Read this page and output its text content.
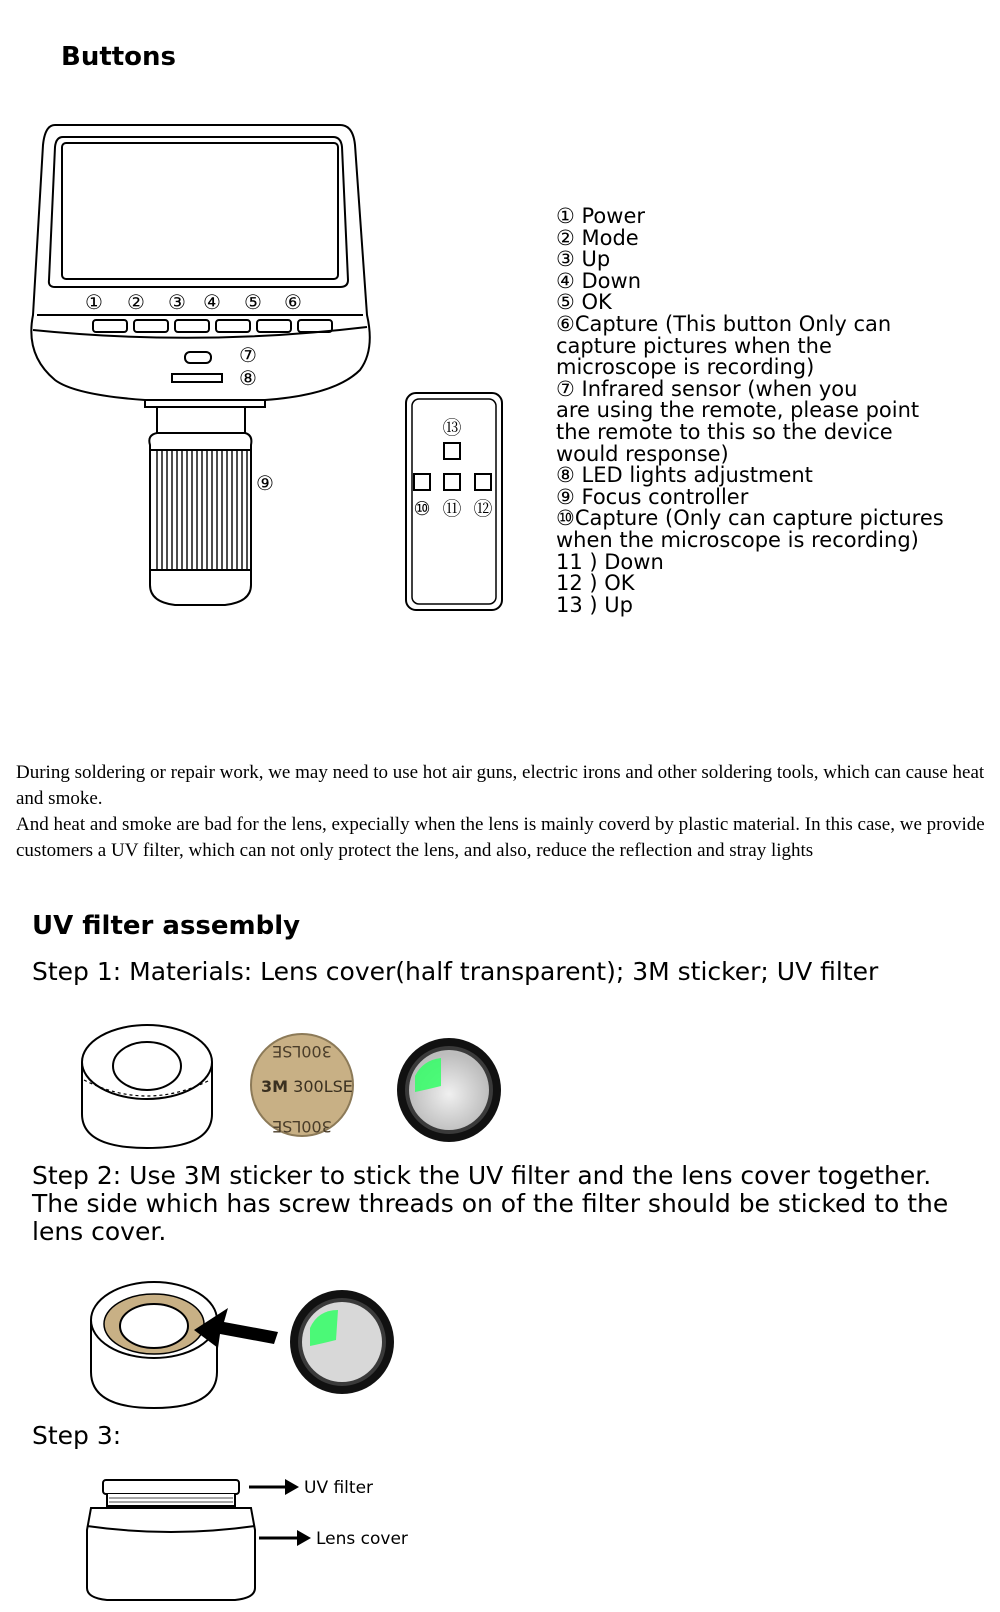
Buttons
① ② ③ ④ ⑤ ⑥
⑦
⑧
⑨
⑬
⑩ ⑪ ⑫
① Power
② Mode
③ Up
④ Down
⑤ OK
⑥Capture (This button Only can
capture pictures when the
microscope is recording)
⑦ Infrared sensor (when you
are using the remote, please point
the remote to this so the device
would response)
⑧ LED lights adjustment
⑨ Focus controller
⑩Capture (Only can capture pictures
when the microscope is recording)
11 ) Down
12 ) OK
13 ) Up
During soldering or repair work, we may need to use hot air guns, electric irons and other soldering tools, which can cause heat and smoke.
And heat and smoke are bad for the lens, expecially when the lens is mainly coverd by plastic material. In this case, we provide customers a UV filter, which can not only protect the lens, and also, reduce the reflection and stray lights
UV filter assembly
Step 1: Materials: Lens cover(half transparent); 3M sticker; UV filter
300LSE
3M 300LSE
300LSE
Step 2: Use 3M sticker to stick the UV filter and the lens cover together. The side which has screw threads on of the filter should be sticked to the lens cover.
Step 3:
UV filter
Lens cover
